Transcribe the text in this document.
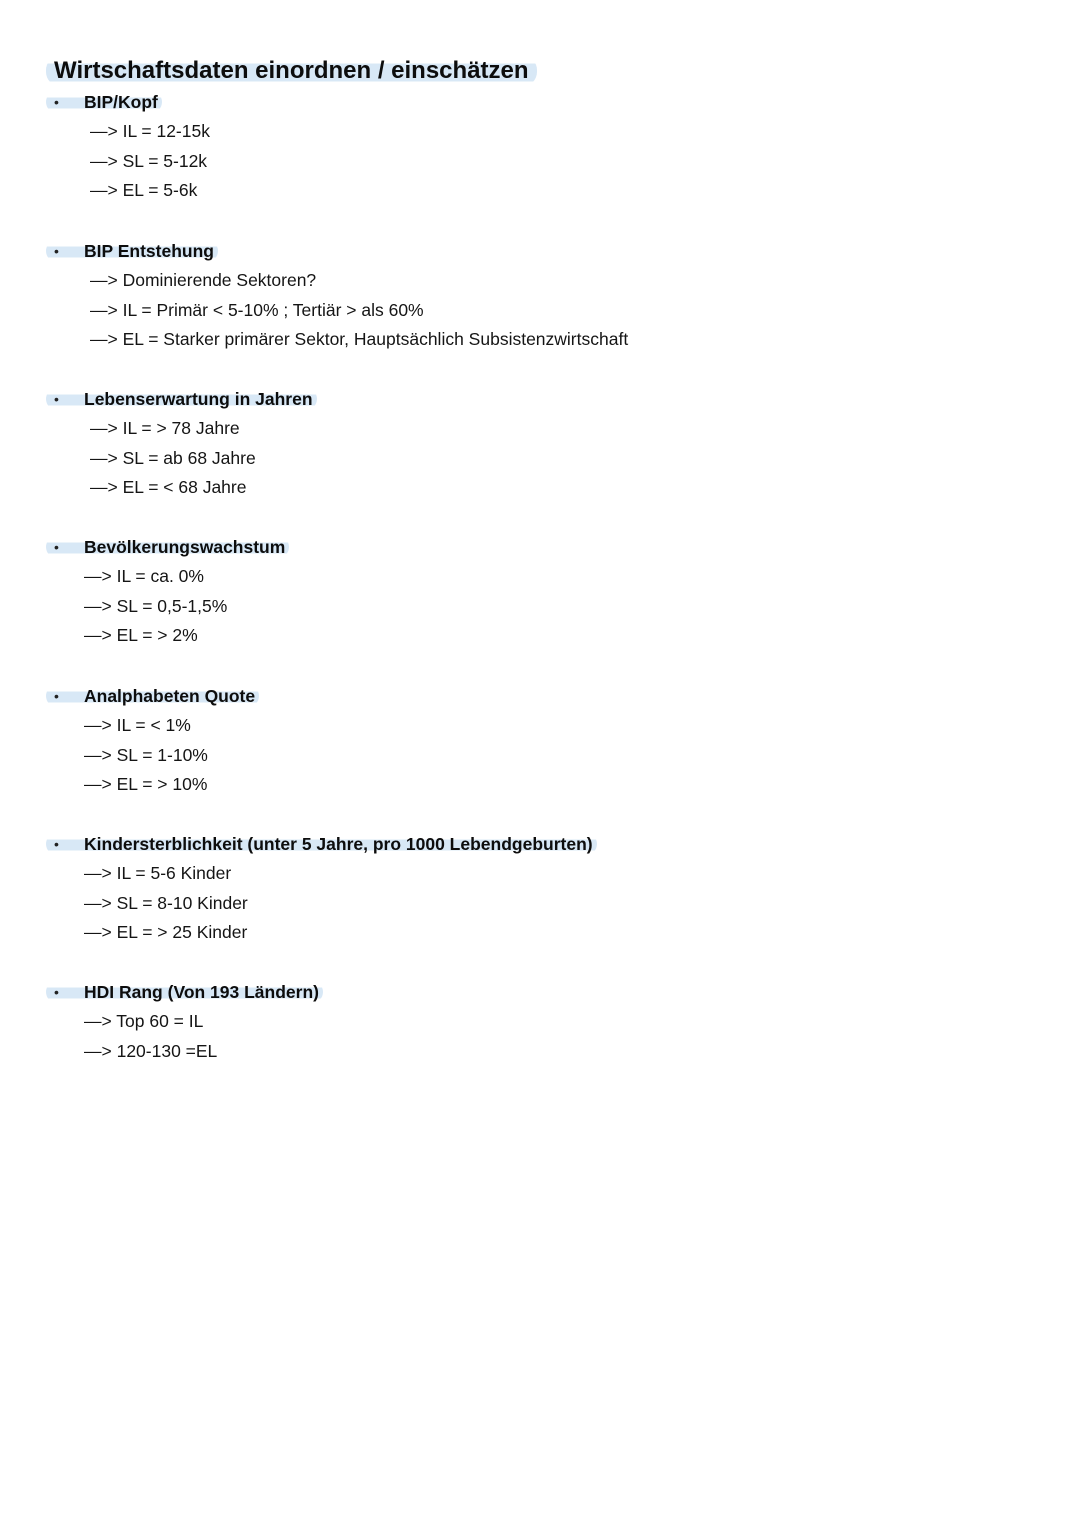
Wirtschaftsdaten einordnen / einschätzen
•	BIP/Kopf
—> IL = 12-15k
—> SL = 5-12k
—> EL = 5-6k
•	BIP Entstehung
—> Dominierende Sektoren?
—> IL = Primär < 5-10% ; Tertiär > als 60%
—> EL = Starker primärer Sektor, Hauptsächlich Subsistenzwirtschaft
•	Lebenserwartung in Jahren
—> IL = > 78 Jahre
—> SL = ab 68 Jahre
—> EL = < 68 Jahre
•	Bevölkerungswachstum
—> IL = ca. 0%
—> SL = 0,5-1,5%
—> EL = > 2%
•	Analphabeten Quote
—> IL = < 1%
—> SL = 1-10%
—> EL = > 10%
•	Kindersterblichkeit (unter 5 Jahre, pro 1000 Lebendgeburten)
—> IL = 5-6 Kinder
—> SL = 8-10 Kinder
—> EL = > 25 Kinder
•	HDI Rang (Von 193 Ländern)
—> Top 60 = IL
—> 120-130 =EL
